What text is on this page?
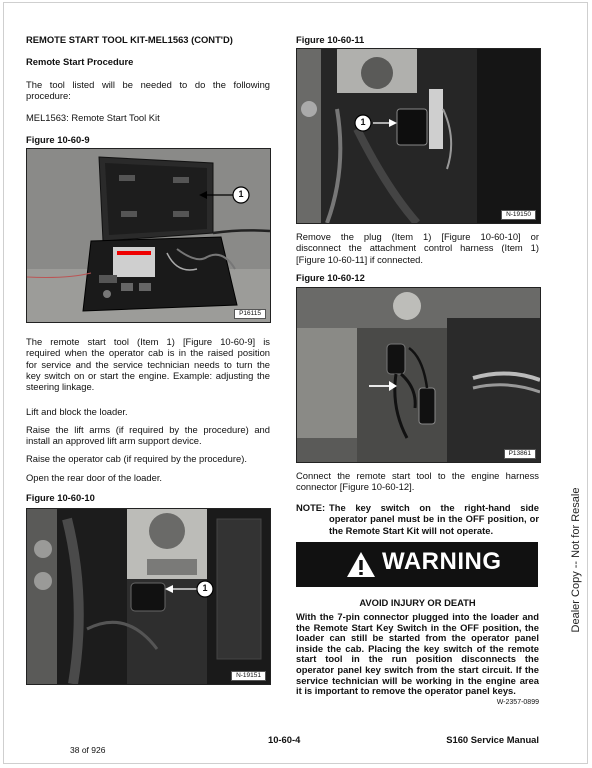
REMOTE START TOOL KIT-MEL1563 (CONT'D)
Remote Start Procedure
The tool listed will be needed to do the following
procedure:
MEL1563: Remote Start Tool Kit
Figure 10-60-9
1
P16115
The remote start tool (Item 1) [Figure 10-60-9] is
required when the operator cab is in the raised position
for service and the service technician needs to turn the
key switch on or start the engine. Example: adjusting the
steering linkage.
Lift and block the loader.
Raise the lift arms (if required by the procedure) and
install an approved lift arm support device.
Raise the operator cab (if required by the procedure).
Open the rear door of the loader.
Figure 10-60-10
1
N-19151
Figure 10-60-11
1
N-19150
Remove the plug (Item 1) [Figure 10-60-10] or
disconnect the attachment control harness (Item 1)
[Figure 10-60-11] if connected.
Figure 10-60-12
P13861
Connect the remote start tool to the engine harness
connector [Figure 10-60-12].
NOTE: The key switch on the right-hand side
operator panel must be in the OFF position, or
the Remote Start Kit will not operate.
WARNING
AVOID INJURY OR DEATH
With the 7-pin connector plugged into the loader and
the Remote Start Key Switch in the OFF position, the
loader can still be started from the operator panel
inside the cab. Placing the key switch of the remote
start tool in the run position disconnects the
operator panel key switch from the start circuit. If the
service technician will be working in the engine area
it is important to remove the operator panel keys.
W-2357-0899
10-60-4	S160 Service Manual
38 of 926
Dealer Copy -- Not for Resale
